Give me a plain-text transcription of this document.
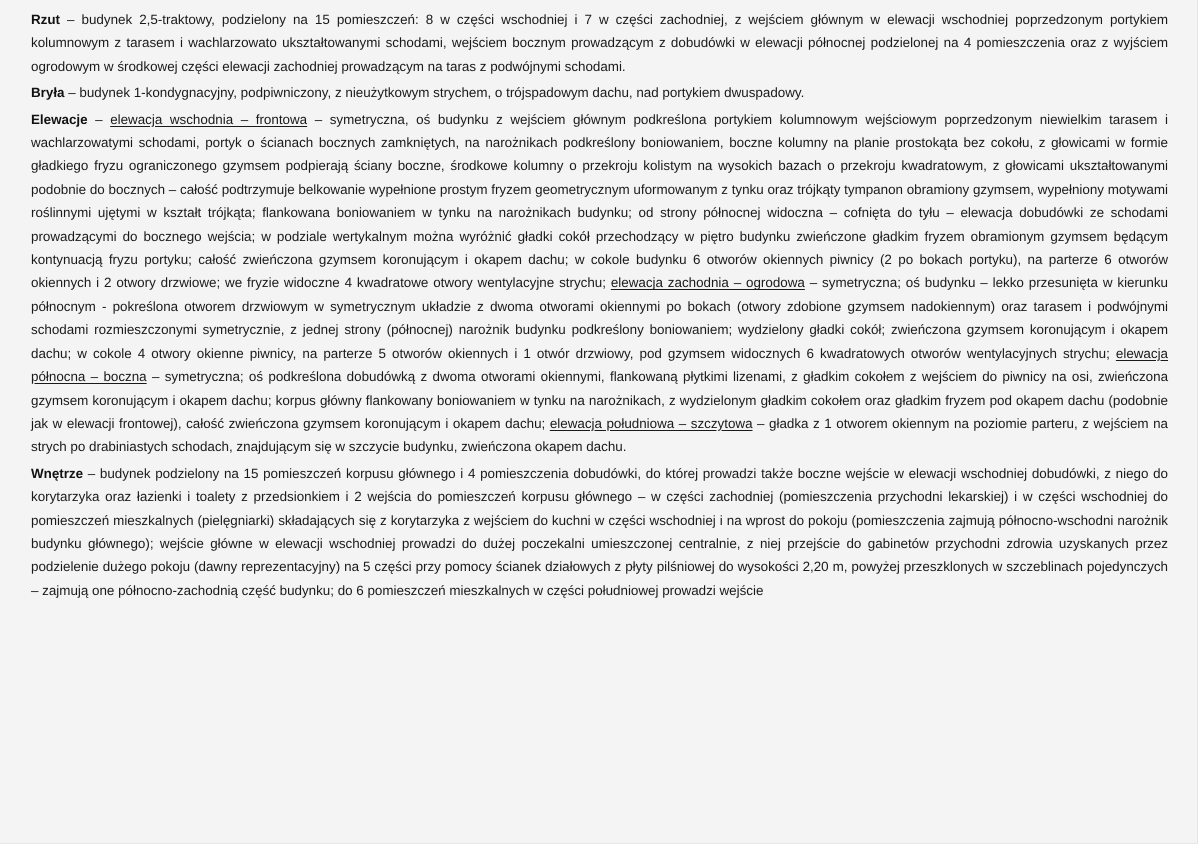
Rzut – budynek 2,5-traktowy, podzielony na 15 pomieszczeń: 8 w części wschodniej i 7 w części zachodniej, z wejściem głównym w elewacji wschodniej poprzedzonym portykiem kolumnowym z tarasem i wachlarzowato ukształtowanymi schodami, wejściem bocznym prowadzącym z dobudówki w elewacji północnej podzielonej na 4 pomieszczenia oraz z wyjściem ogrodowym w środkowej części elewacji zachodniej prowadzącym na taras z podwójnymi schodami.

Bryła – budynek 1-kondygnacyjny, podpiwniczony, z nieużytkowym strychem, o trójspadowym dachu, nad portykiem dwuspadowy.

Elewacje – elewacja wschodnia – frontowa – symetryczna, oś budynku z wejściem głównym podkreślona portykiem kolumnowym wejściowym poprzedzonym niewielkim tarasem i wachlarzowatymi schodami, portyk o ścianach bocznych zamkniętych, na narożnikach podkreślony boniowaniem, boczne kolumny na planie prostokąta bez cokołu, z głowicami w formie gładkiego fryzu ograniczonego gzymsem podpierają ściany boczne, środkowe kolumny o przekroju kolistym na wysokich bazach o przekroju kwadratowym, z głowicami ukształtowanymi podobnie do bocznych – całość podtrzymuje belkowanie wypełnione prostym fryzem geometrycznym uformowanym z tynku oraz trójkąty tympanon obramiony gzymsem, wypełniony motywami roślinnymi ujętymi w kształt trójkąta; flankowana boniowaniem w tynku na narożnikach budynku; od strony północnej widoczna – cofnięta do tyłu – elewacja dobudówki ze schodami prowadzącymi do bocznego wejścia; w podziale wertykalnym można wyróżnić gładki cokół przechodzący w piętro budynku zwieńczone gładkim fryzem obramionym gzymsem będącym kontynuacją fryzu portyku; całość zwieńczona gzymsem koronującym i okapem dachu; w cokole budynku 6 otworów okiennych piwnicy (2 po bokach portyku), na parterze 6 otworów okiennych i 2 otwory drzwiowe; we fryzie widoczne 4 kwadratowe otwory wentylacyjne strychu; elewacja zachodnia – ogrodowa – symetryczna; oś budynku – lekko przesunięta w kierunku północnym - pokreślona otworem drzwiowym w symetrycznym układzie z dwoma otworami okiennymi po bokach (otwory zdobione gzymsem nadokiennym) oraz tarasem i podwójnymi schodami rozmieszczonymi symetrycznie, z jednej strony (północnej) narożnik budynku podkreślony boniowaniem; wydzielony gładki cokół; zwieńczona gzymsem koronującym i okapem dachu; w cokole 4 otwory okienne piwnicy, na parterze 5 otworów okiennych i 1 otwór drzwiowy, pod gzymsem widocznych 6 kwadratowych otworów wentylacyjnych strychu; elewacja północna – boczna – symetryczna; oś podkreślona dobudówką z dwoma otworami okiennymi, flankowaną płytkimi lizenami, z gładkim cokołem z wejściem do piwnicy na osi, zwieńczona gzymsem koronującym i okapem dachu; korpus główny flankowany boniowaniem w tynku na narożnikach, z wydzielonym gładkim cokołem oraz gładkim fryzem pod okapem dachu (podobnie jak w elewacji frontowej), całość zwieńczona gzymsem koronującym i okapem dachu; elewacja południowa – szczytowa – gładka z 1 otworem okiennym na poziomie parteru, z wejściem na strych po drabiniastych schodach, znajdującym się w szczycie budynku, zwieńczona okapem dachu.

Wnętrze – budynek podzielony na 15 pomieszczeń korpusu głównego i 4 pomieszczenia dobudówki, do której prowadzi także boczne wejście w elewacji wschodniej dobudówki, z niego do korytarzyka oraz łazienki i toalety z przedsionkiem i 2 wejścia do pomieszczeń korpusu głównego – w części zachodniej (pomieszczenia przychodni lekarskiej) i w części wschodniej do pomieszczeń mieszkalnych (pielęgniarki) składających się z korytarzyka z wejściem do kuchni w części wschodniej i na wprost do pokoju (pomieszczenia zajmują północno-wschodni narożnik budynku głównego); wejście główne w elewacji wschodniej prowadzi do dużej poczekalni umieszczonej centralnie, z niej przejście do gabinetów przychodni zdrowia uzyskanych przez podzielenie dużego pokoju (dawny reprezentacyjny) na 5 części przy pomocy ścianek działowych z płyty pilśniowej do wysokości 2,20 m, powyżej przeszklonych w szczeblinach pojedynczych – zajmują one północno-zachodnią część budynku; do 6 pomieszczeń mieszkalnych w części południowej prowadzi wejście
